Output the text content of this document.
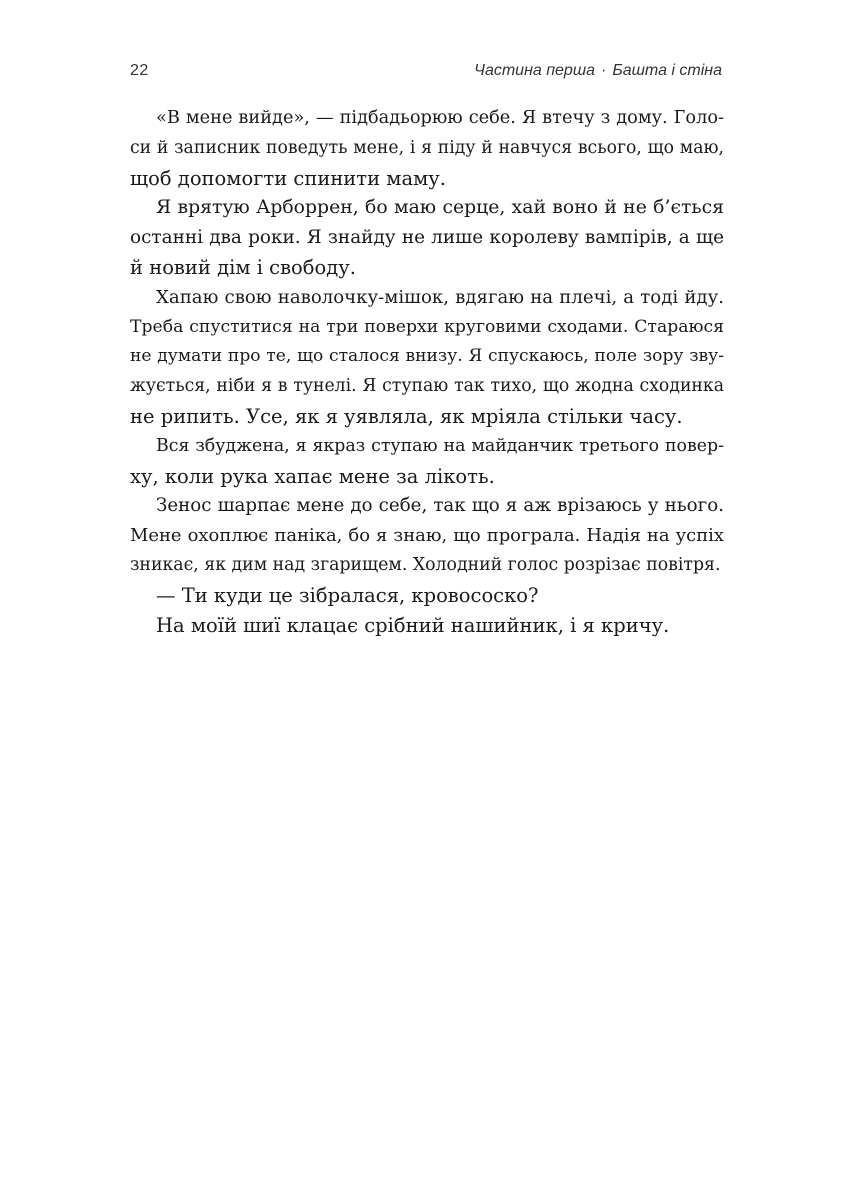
22	Частина перша · Башта і стіна
«В мене вийде», — підбадьорюю себе. Я втечу з дому. Голо-
си й записник поведуть мене, і я піду й навчуся всього, що маю,
щоб допомогти спинити маму.
Я врятую Арборрен, бо маю серце, хай воно й не б’ється
останні два роки. Я знайду не лише королеву вампірів, а ще
й новий дім і свободу.
Хапаю свою наволочку-мішок, вдягаю на плечі, а тоді йду.
Треба спуститися на три поверхи круговими сходами. Стараюся
не думати про те, що сталося внизу. Я спускаюсь, поле зору зву-
жується, ніби я в тунелі. Я ступаю так тихо, що жодна сходинка
не рипить. Усе, як я уявляла, як мріяла стільки часу.
Вся збуджена, я якраз ступаю на майданчик третього повер-
ху, коли рука хапає мене за лікоть.
Зенос шарпає мене до себе, так що я аж врізаюсь у нього.
Мене охоплює паніка, бо я знаю, що програла. Надія на успіх
зникає, як дим над згарищем. Холодний голос розрізає повітря.
— Ти куди це зібралася, кровососко?
На моїй шиї клацає срібний нашийник, і я кричу.
